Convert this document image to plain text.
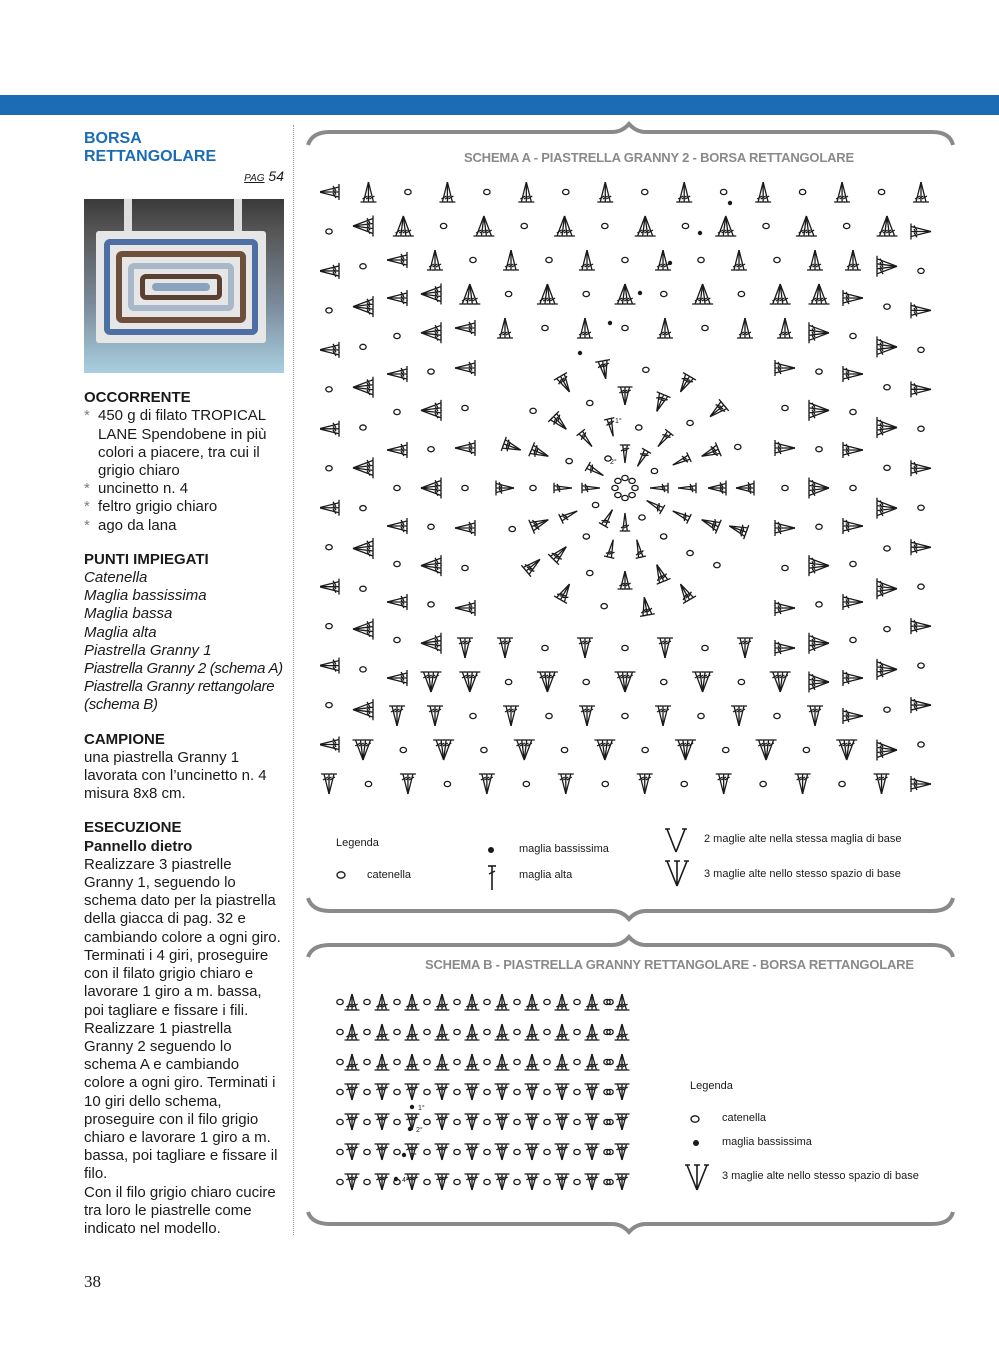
BORSA
RETTANGOLARE
PAG 54
OCCORRENTE
* 450 g di filato TROPICAL LANE Spendobene in più colori a piacere, tra cui il grigio chiaro
* uncinetto n. 4
* feltro grigio chiaro
* ago da lana
PUNTI IMPIEGATI
Catenella
Maglia bassissima
Maglia bassa
Maglia alta
Piastrella Granny 1
Piastrella Granny 2 (schema A)
Piastrella Granny rettangolare (schema B)
CAMPIONE
una piastrella Granny 1 lavorata con l’uncinetto n. 4 misura 8x8 cm.
ESECUZIONE
Pannello dietro
Realizzare 3 piastrelle Granny 1, seguendo lo schema dato per la piastrella della giacca di pag. 32 e cambiando colore a ogni giro. Terminati i 4 giri, proseguire con il filato grigio chiaro e lavorare 1 giro a m. bassa, poi tagliare e fissare i fili.
Realizzare 1 piastrella Granny 2 seguendo lo schema A e cambiando colore a ogni giro. Terminati i 10 giri dello schema, proseguire con il filo grigio chiaro e lavorare 1 giro a m. bassa, poi tagliare e fissare il filo.
Con il filo grigio chiaro cucire tra loro le piastrelle come indicato nel modello.
38
SCHEMA A - PIASTRELLA GRANNY 2 - BORSA RETTANGOLARE
1°
2°
Legenda
catenella
maglia bassissima
maglia alta
2 maglie alte nella stessa maglia di base
3 maglie alte nello stesso spazio di base
SCHEMA B - PIASTRELLA GRANNY RETTANGOLARE - BORSA RETTANGOLARE
1°
2°
3°
4°
Legenda
catenella
maglia bassissima
3 maglie alte nello stesso spazio di base
